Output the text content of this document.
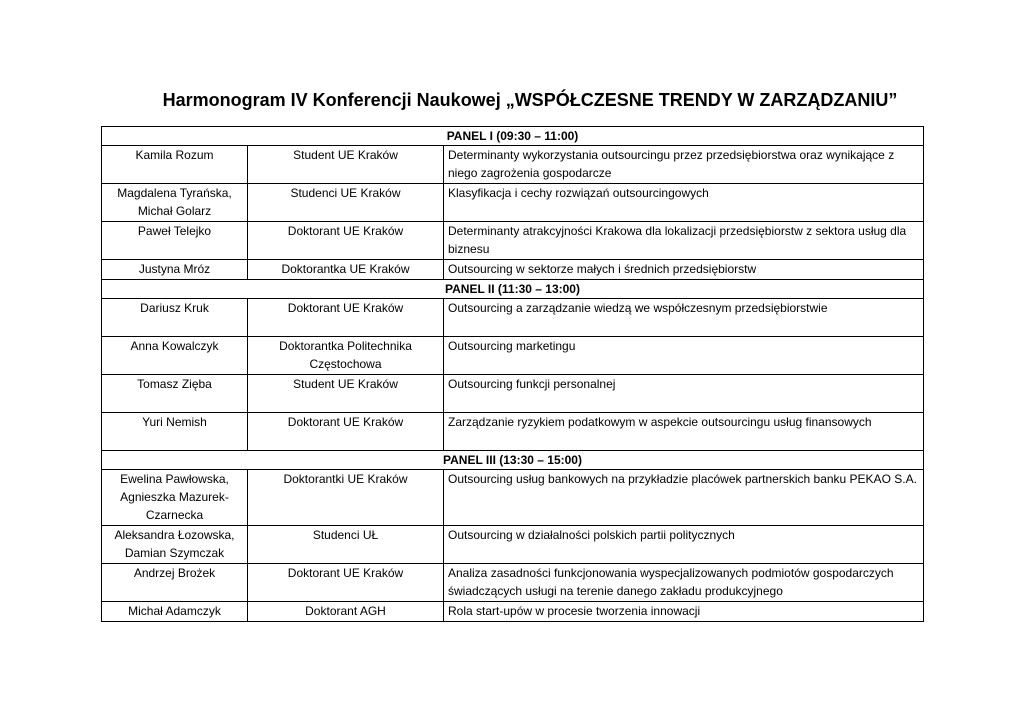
Harmonogram IV Konferencji Naukowej „WSPÓŁCZESNE TRENDY W ZARZĄDZANIU”
PANEL I (09:30 – 11:00)		
Kamila Rozum	Student UE Kraków	Determinanty wykorzystania outsourcingu przez przedsiębiorstwa oraz wynikające z niego zagrożenia gospodarcze
Magdalena Tyrańska, Michał Golarz	Studenci UE Kraków	Klasyfikacja i cechy rozwiązań outsourcingowych
Paweł Telejko	Doktorant UE Kraków	Determinanty atrakcyjności Krakowa dla lokalizacji przedsiębiorstw z sektora usług dla biznesu
Justyna Mróz	Doktorantka UE Kraków	Outsourcing w sektorze małych i średnich przedsiębiorstw
PANEL II (11:30 – 13:00)		
Dariusz Kruk	Doktorant UE Kraków	Outsourcing a zarządzanie wiedzą we współczesnym przedsiębiorstwie
Anna Kowalczyk	Doktorantka Politechnika Częstochowa	Outsourcing marketingu
Tomasz Zięba	Student UE Kraków	Outsourcing funkcji personalnej
Yuri Nemish	Doktorant UE Kraków	Zarządzanie ryzykiem podatkowym w aspekcie outsourcingu usług finansowych
PANEL III (13:30 – 15:00)		
Ewelina Pawłowska, Agnieszka Mazurek-Czarnecka	Doktorantki UE Kraków	Outsourcing usług bankowych na przykładzie placówek partnerskich banku PEKAO S.A.
Aleksandra Łozowska, Damian Szymczak	Studenci UŁ	Outsourcing w działalności polskich partii politycznych
Andrzej Brożek	Doktorant UE Kraków	Analiza zasadności funkcjonowania wyspecjalizowanych podmiotów gospodarczych świadczących usługi na terenie danego zakładu produkcyjnego
Michał Adamczyk	Doktorant AGH	Rola start-upów w procesie tworzenia innowacji
